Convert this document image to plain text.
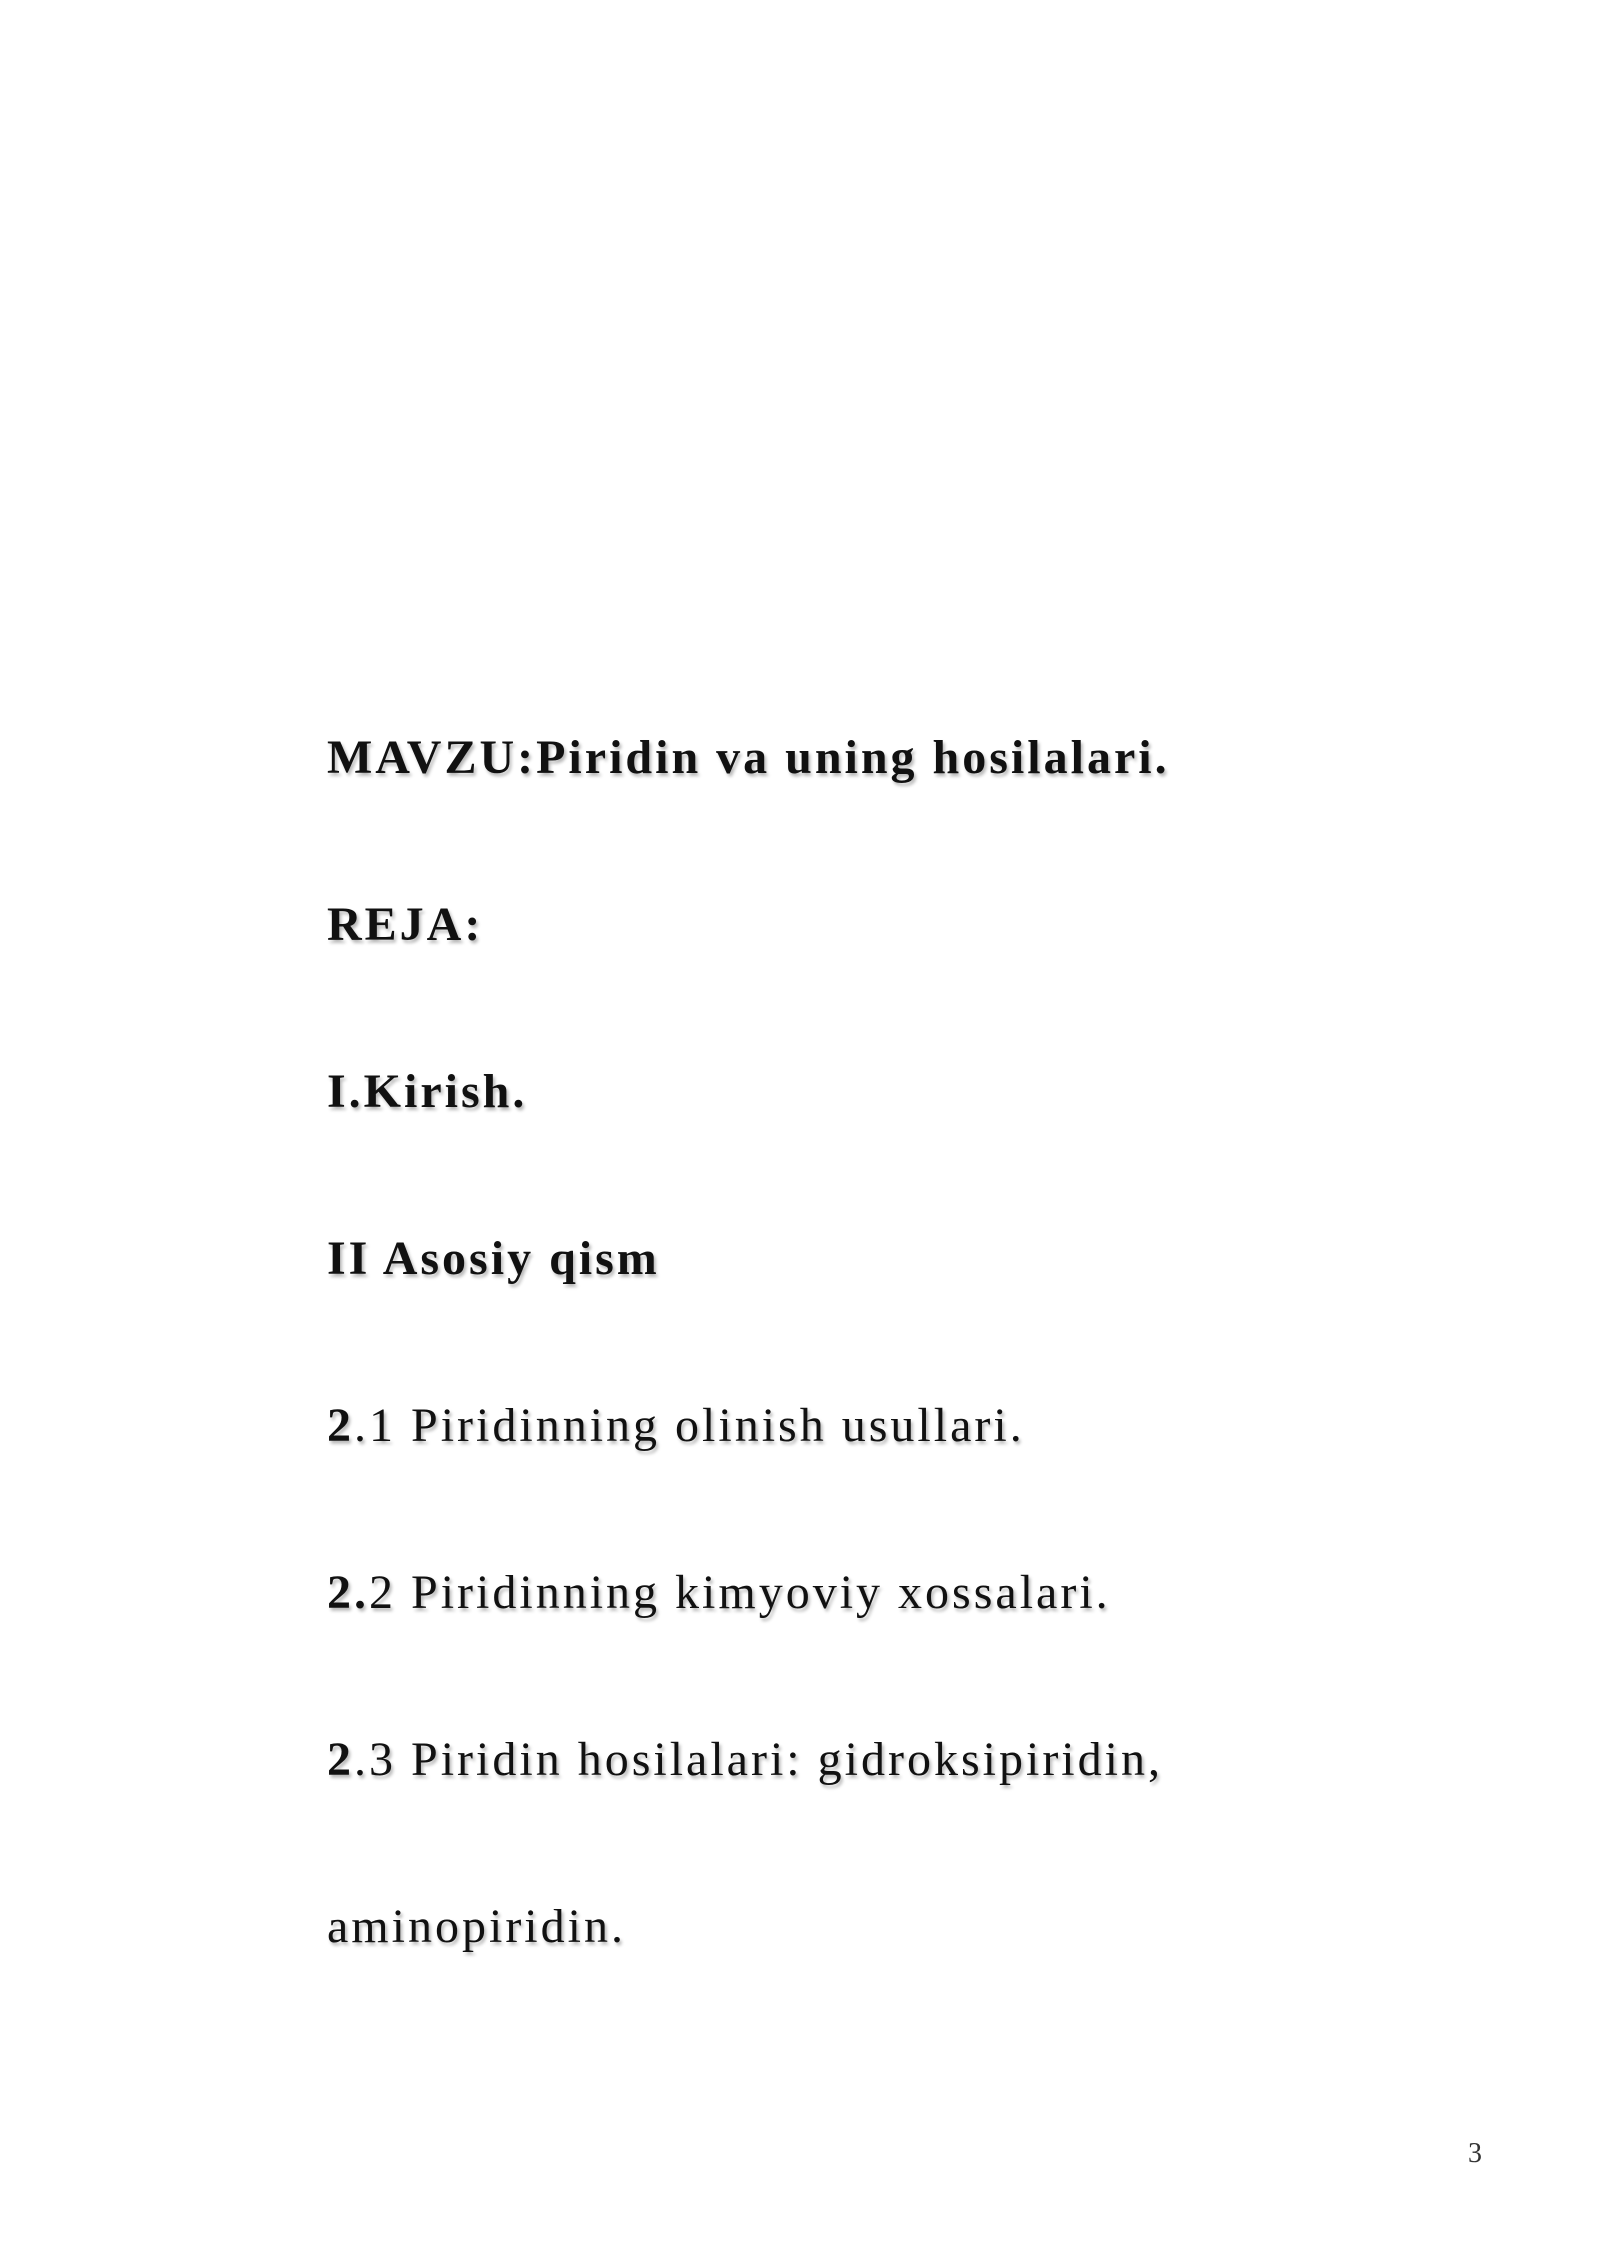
MAVZU:Piridin va uning hosilalari.
REJA:
I.Kirish.
II Asosiy qism
2.1 Piridinning olinish usullari.
2.2 Piridinning kimyoviy xossalari.
2.3 Piridin hosilalari: gidroksipiridin,
aminopiridin.
3
